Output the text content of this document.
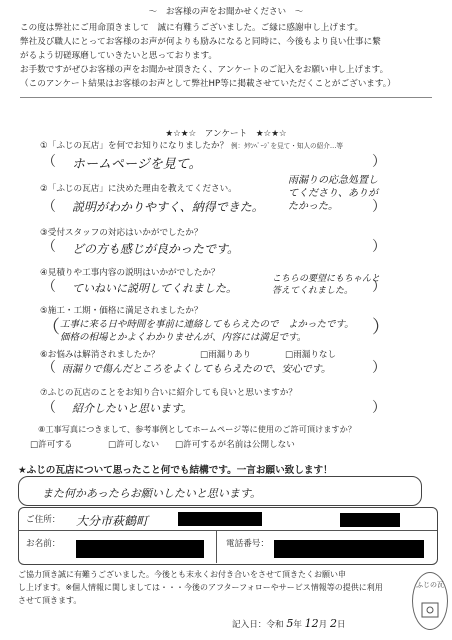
～　お客様の声をお聞かせください　～
この度は弊社にご用命頂きまして　誠に有難うございました。ご縁に感謝申し上げます。
弊社及び職人にとってお客様のお声が何よりも励みになると同時に、今後もより良い仕事に繋
がるよう切磋琢磨していきたいと思っております。
お手数ですがぜひお客様の声をお聞かせ頂きたく、アンケートのご記入をお願い申し上げます。
（このアンケート結果はお客様のお声として弊社HP等に掲載させていただくことがございます。）
★☆★☆　アンケート　★☆★☆
①「ふじの瓦店」を何でお知りになりましたか？ 例：ﾀｳﾝﾍﾟｰｼﾞを見て・知人の紹介…等
（	）
ホームページを見て。
②「ふじの瓦店」に決めた理由を教えてください。
（	）
説明がわかりやすく、納得できた。
雨漏りの応急処置してくださり、ありがたかった。
③受付スタッフの対応はいかがでしたか？
（	）
どの方も感じが良かったです。
④見積りや工事内容の説明はいかがでしたか？
（	）
ていねいに説明してくれました。
こちらの要望にもちゃんと答えてくれました。
⑤施工・工期・価格に満足されましたか？
（	）
工事に来る日や時間を事前に連絡してもらえたので　よかったです。
価格の相場とかよくわかりませんが、内容には満足です。
⑥お悩みは解消されましたか？	□雨漏りあり	□雨漏りなし
（	）
雨漏りで傷んだところをよくしてもらえたので、安心です。
⑦ふじの瓦店のことをお知り合いに紹介しても良いと思いますか？
（	）
紹介したいと思います。
⑧工事写真につきまして、参考事例としてホームページ等に使用のご許可頂けますか？
□許可する	□許可しない □許可するが名前は公開しない
★ふじの瓦店について思ったこと何でも結構です。一言お願い致します！
また何かあったらお願いしたいと思います。
ご住所： 大分市萩鶴町
お名前：	電話番号：
ご協力頂き誠に有難うございました。今後とも末永くお付き合いをさせて頂きたくお願い申
し上げます。※個人情報に関しましては・・・今後のアフターフォローやサービス情報等の提供に利用
させて頂きます。
記入日：令和 5年 12月 2日
ふじの瓦
